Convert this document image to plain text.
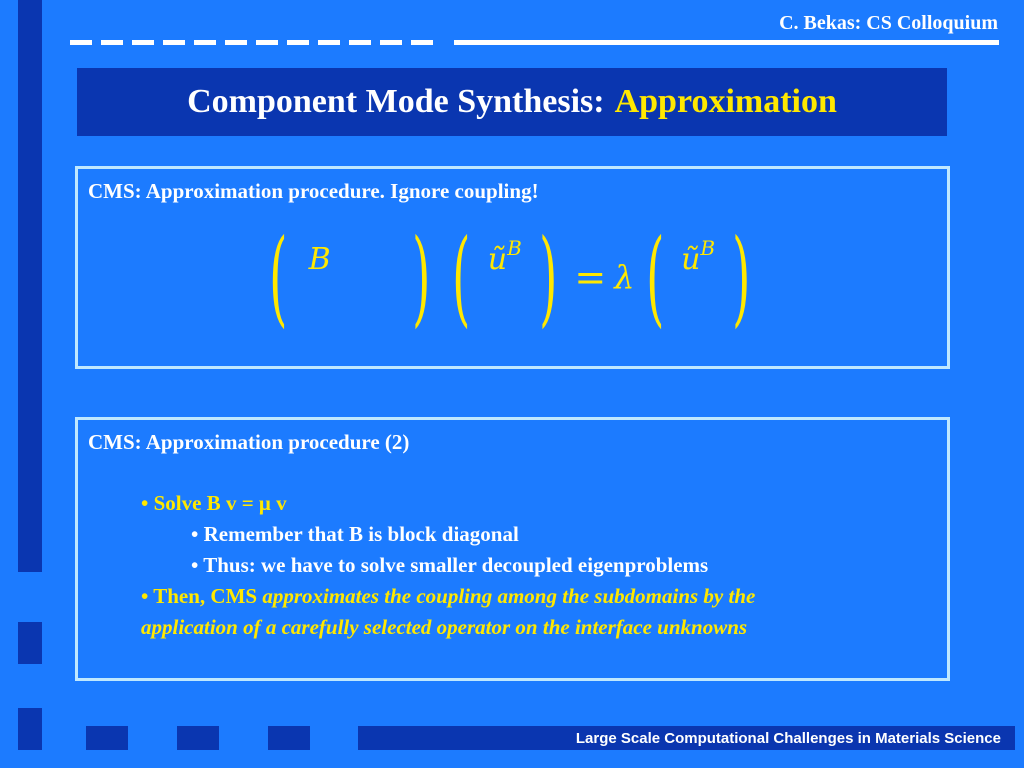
C. Bekas: CS Colloquium
Component Mode Synthesis: Approximation
CMS: Approximation procedure. Ignore coupling!
( B ) ( $ũ^B$ ) = λ ( $ũ^B$ )
CMS: Approximation procedure (2)
• Solve B v = μ v
• Remember that B is block diagonal
• Thus: we have to solve smaller decoupled eigenproblems
• Then, CMS approximates the coupling among the subdomains by the
application of a carefully selected operator on the interface unknowns
Large Scale Computational Challenges in Materials Science
